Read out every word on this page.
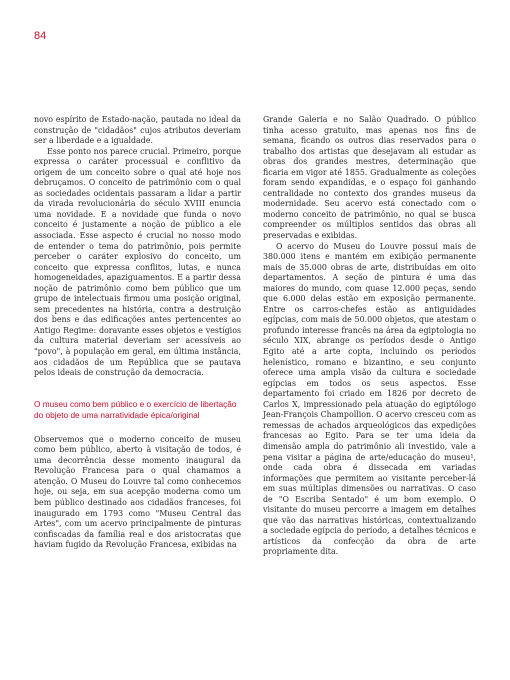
84

novo espírito de Estado-nação, pautada no ideal da construção de "cidadãos" cujos atributos deveriam ser a liberdade e a igualdade.

Esse ponto nos parece crucial. Primeiro, porque expressa o caráter processual e conflitivo da origem de um conceito sobre o qual até hoje nos debruçamos. O conceito de patrimônio com o qual as sociedades ocidentais passaram a lidar a partir da virada revolucionária do século XVIII enuncia uma novidade. E a novidade que funda o novo conceito é justamente a noção de público a ele associada. Esse aspecto é crucial no nosso modo de entender o tema do patrimônio, pois permite perceber o caráter explosivo do conceito, um conceito que expressa conflitos, lutas, e nunca homogeneidades, apaziguamentos. E a partir dessa noção de patrimônio como bem público que um grupo de intelectuais firmou uma posição original, sem precedentes na história, contra a destruição dos bens e das edificações antes pertencentes ao Antigo Regime: doravante esses objetos e vestígios da cultura material deveriam ser acessíveis ao "povo", à população em geral, em última instância, aos cidadãos de um República que se pautava pelos ideais de construção da democracia.

O museu como bem público e o exercício de libertação do objeto de uma narratividade épica/original

Observemos que o moderno conceito de museu como bem público, aberto à visitação de todos, é uma decorrência desse momento inaugural da Revolução Francesa para o qual chamamos a atenção. O Museu do Louvre tal como conhecemos hoje, ou seja, em sua acepção moderna como um bem público destinado aos cidadãos franceses, foi inaugurado em 1793 como "Museu Central das Artes", com um acervo principalmente de pinturas confiscadas da família real e dos aristocratas que haviam fugido da Revolução Francesa, exibidas na

Grande Galeria e no Salão Quadrado. O público tinha acesso gratuito, mas apenas nos fins de semana, ficando os outros dias reservados para o trabalho dos artistas que desejavam ali estudar as obras dos grandes mestres, determinação que ficaria em vigor até 1855. Gradualmente as coleções foram sendo expandidas, e o espaço foi ganhando centralidade no contexto dos grandes museus da modernidade. Seu acervo está conectado com o moderno conceito de patrimônio, no qual se busca compreender os múltiplos sentidos das obras ali preservadas e exibidas.

O acervo do Museu do Louvre possui mais de 380.000 itens e mantém em exibição permanente mais de 35.000 obras de arte, distribuídas em oito departamentos. A seção de pintura é uma das maiores do mundo, com quase 12.000 peças, sendo que 6.000 delas estão em exposição permanente. Entre os carros-chefes estão as antiguidades egípcias, com mais de 50.000 objetos, que atestam o profundo interesse francês na área da egiptologia no século XIX, abrange os períodos desde o Antigo Egito até a arte copta, incluindo os períodos helenístico, romano e bizantino, e seu conjunto oferece uma ampla visão da cultura e sociedade egípcias em todos os seus aspectos. Esse departamento foi criado em 1826 por decreto de Carlos X, impressionado pela atuação do egiptólogo Jean-François Champollion. O acervo cresceu com as remessas de achados arqueológicos das expedições francesas ao Egito. Para se ter uma ideia da dimensão ampla do patrimônio ali investido, vale a pena visitar a página de arte/educação do museu¹, onde cada obra é dissecada em variadas informações que permitem ao visitante perceber-lá em suas múltiplas dimensões ou narrativas. O caso de "O Escriba Sentado" é um bom exemplo. O visitante do museu percorre a imagem em detalhes que vão das narrativas históricas, contextualizando a sociedade egípcia do período, a detalhes técnicos e artísticos da confecção da obra de arte propriamente dita.
